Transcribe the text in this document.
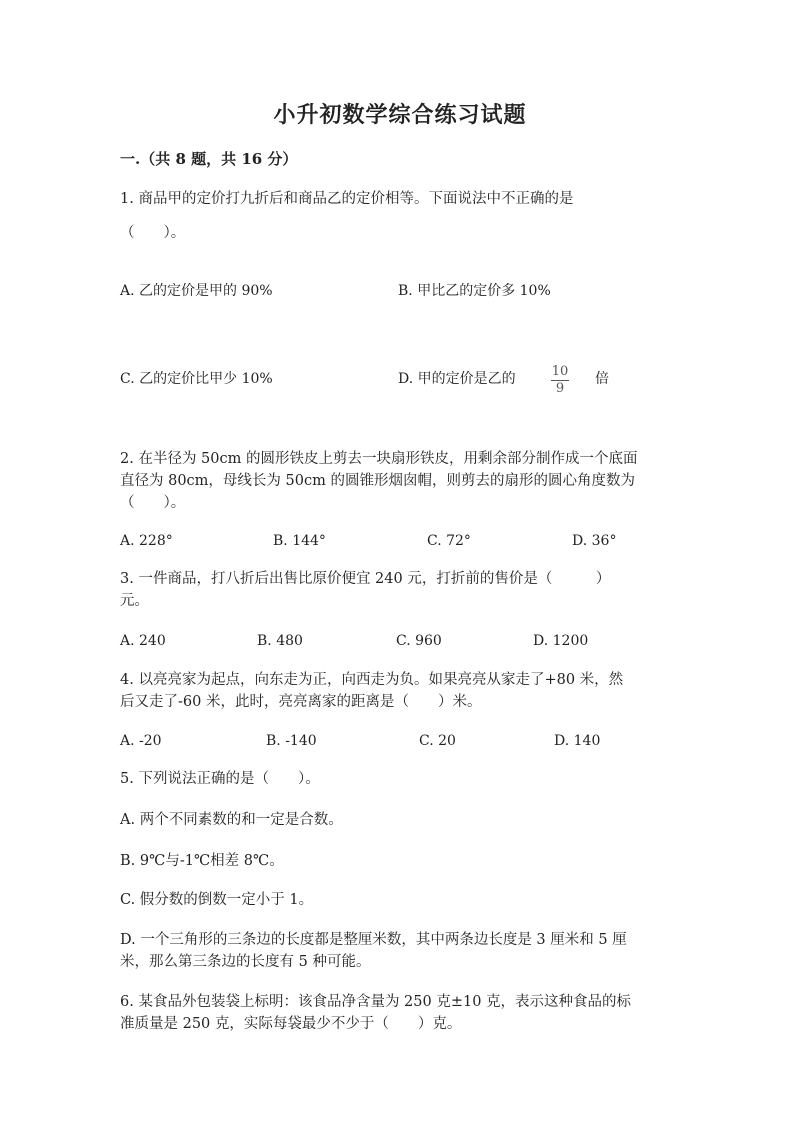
小升初数学综合练习试题
一.（共 8 题，共 16 分）
1. 商品甲的定价打九折后和商品乙的定价相等。下面说法中不正确的是
（　　）。
A. 乙的定价是甲的 90%	B. 甲比乙的定价多 10%
C. 乙的定价比甲少 10%	D. 甲的定价是乙的	$\frac{10}{9}$ 倍
2. 在半径为 50cm 的圆形铁皮上剪去一块扇形铁皮，用剩余部分制作成一个底面
直径为 80cm，母线长为 50cm 的圆锥形烟囱帽，则剪去的扇形的圆心角度数为
（　　）。
A. 228°	B. 144°	C. 72°	D. 36°
3. 一件商品，打八折后出售比原价便宜 240 元，打折前的售价是（　　　）
元。
A. 240	B. 480	C. 960	D. 1200
4. 以亮亮家为起点，向东走为正，向西走为负。如果亮亮从家走了+80 米，然
后又走了-60 米，此时，亮亮离家的距离是（　　）米。
A. -20	B. -140	C. 20	D. 140
5. 下列说法正确的是（　　）。
A. 两个不同素数的和一定是合数。
B. 9℃与-1℃相差 8℃。
C. 假分数的倒数一定小于 1。
D. 一个三角形的三条边的长度都是整厘米数，其中两条边长度是 3 厘米和 5 厘
米，那么第三条边的长度有 5 种可能。
6. 某食品外包装袋上标明：该食品净含量为 250 克±10 克，表示这种食品的标
准质量是 250 克，实际每袋最少不少于（　　）克。
